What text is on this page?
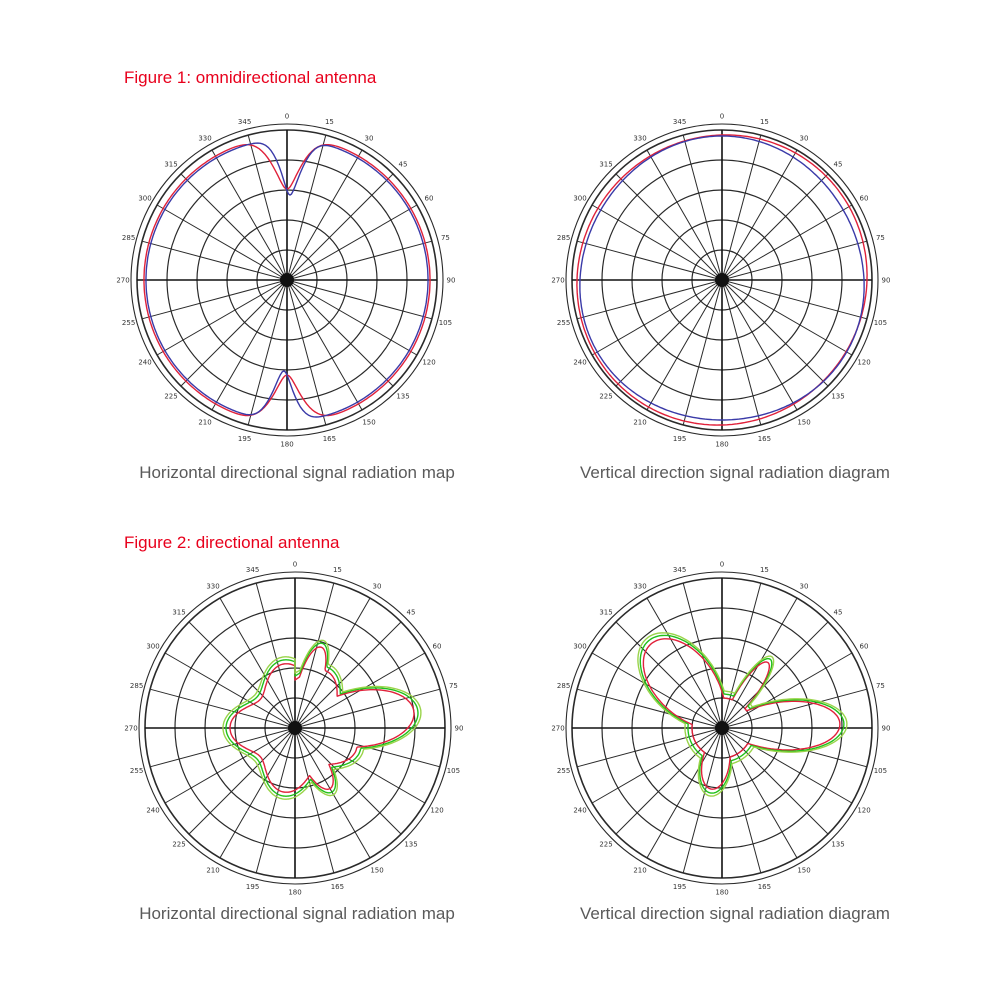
Figure 1: omnidirectional antenna
0
15
30
45
60
75
90
105
120
135
150
165
180
195
210
225
240
255
270
285
300
315
330
345
0
15
30
45
60
75
90
105
120
135
150
165
180
195
210
225
240
255
270
285
300
315
330
345

Horizontal directional signal radiation map	Vertical direction signal radiation diagram

Figure 2: directional antenna
0
15
30
45
60
75
90
105
120
135
150
165
180
195
210
225
240
255
270
285
300
315
330
345
0
15
30
45
60
75
90
105
120
135
150
165
180
195
210
225
240
255
270
285
300
315
330
345

Horizontal directional signal radiation map	Vertical direction signal radiation diagram
